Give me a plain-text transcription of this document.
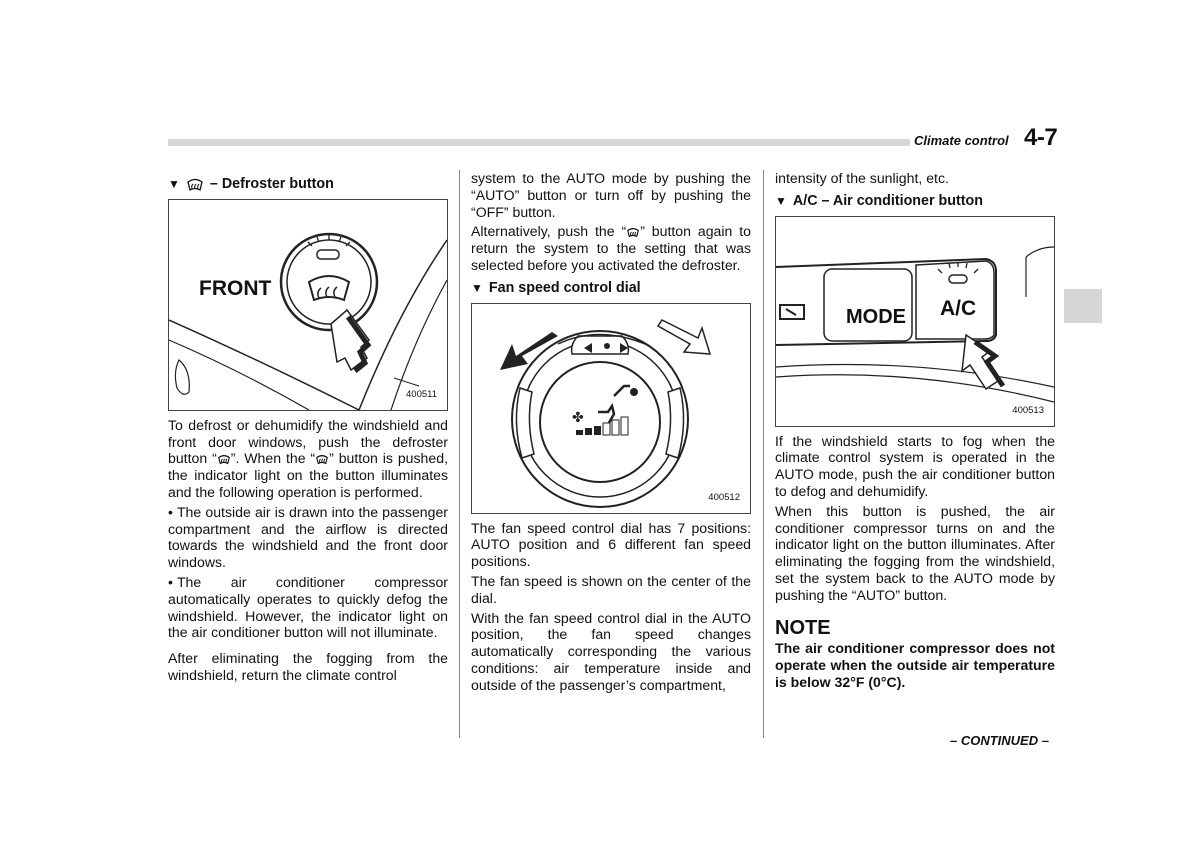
Climate control 4-7
▼ – Defroster button
FRONT
400511

To defrost or dehumidify the windshield and front door windows, push the defroster button “ ”. When the “ ” button is pushed, the indicator light on the button illuminates and the following operation is performed.

• The outside air is drawn into the passenger compartment and the airflow is directed towards the windshield and the front door windows.

• The air conditioner compressor automatically operates to quickly defog the windshield. However, the indicator light on the air conditioner button will not illuminate.

After eliminating the fogging from the windshield, return the climate control

system to the AUTO mode by pushing the “AUTO” button or turn off by pushing the “OFF” button.

Alternatively, push the “ ” button again to return the system to the setting that was selected before you activated the defroster.

▼ Fan speed control dial
✤
400512

The fan speed control dial has 7 positions: AUTO position and 6 different fan speed positions.

The fan speed is shown on the center of the dial.

With the fan speed control dial in the AUTO position, the fan speed changes automatically corresponding the various conditions: air temperature inside and outside of the passenger’s compartment,

intensity of the sunlight, etc.

▼ A/C – Air conditioner button
MODE A/C
400513

If the windshield starts to fog when the climate control system is operated in the AUTO mode, push the air conditioner button to defog and dehumidify.

When this button is pushed, the air conditioner compressor turns on and the indicator light on the button illuminates. After eliminating the fogging from the windshield, set the system back to the AUTO mode by pushing the “AUTO” button.

NOTE

The air conditioner compressor does not operate when the outside air temperature is below 32°F (0°C).

– CONTINUED –
